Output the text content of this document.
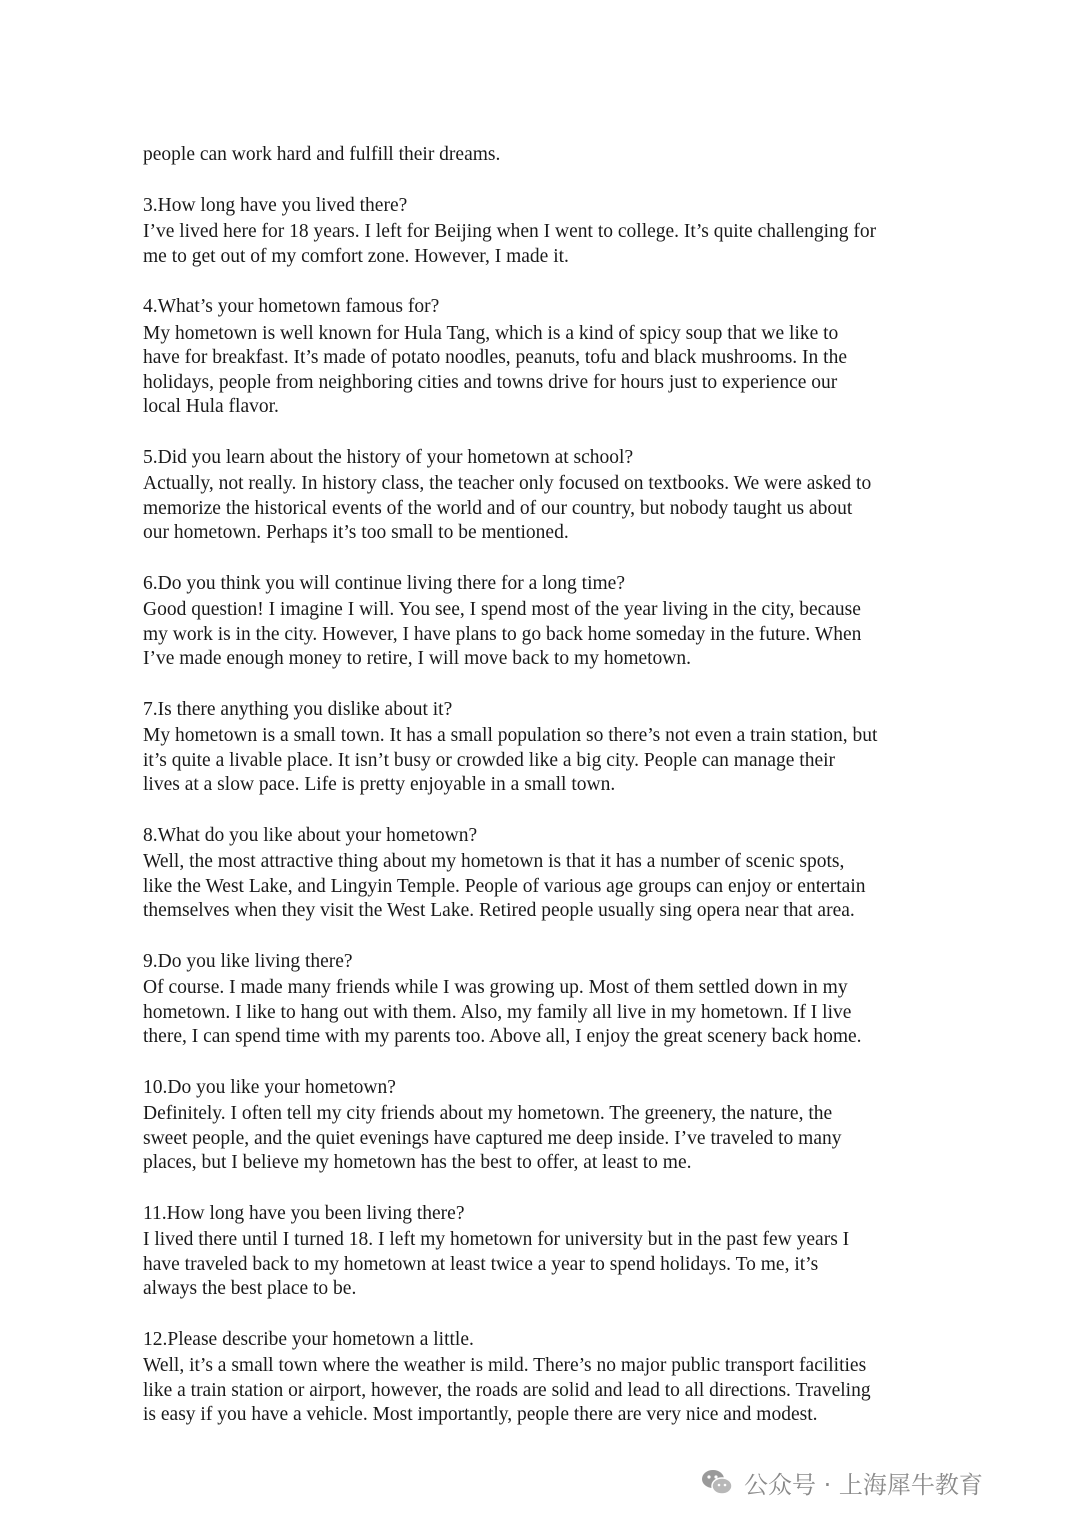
people can work hard and fulfill their dreams.
3.How long have you lived there?
I’ve lived here for 18 years. I left for Beijing when I went to college. It’s quite challenging for
me to get out of my comfort zone. However, I made it.
4.What’s your hometown famous for?
My hometown is well known for Hula Tang, which is a kind of spicy soup that we like to
have for breakfast. It’s made of potato noodles, peanuts, tofu and black mushrooms. In the
holidays, people from neighboring cities and towns drive for hours just to experience our
local Hula flavor.
5.Did you learn about the history of your hometown at school?
Actually, not really. In history class, the teacher only focused on textbooks. We were asked to
memorize the historical events of the world and of our country, but nobody taught us about
our hometown. Perhaps it’s too small to be mentioned.
6.Do you think you will continue living there for a long time?
Good question! I imagine I will. You see, I spend most of the year living in the city, because
my work is in the city. However, I have plans to go back home someday in the future. When
I’ve made enough money to retire, I will move back to my hometown.
7.Is there anything you dislike about it?
My hometown is a small town. It has a small population so there’s not even a train station, but
it’s quite a livable place. It isn’t busy or crowded like a big city. People can manage their
lives at a slow pace. Life is pretty enjoyable in a small town.
8.What do you like about your hometown?
Well, the most attractive thing about my hometown is that it has a number of scenic spots,
like the West Lake, and Lingyin Temple. People of various age groups can enjoy or entertain
themselves when they visit the West Lake. Retired people usually sing opera near that area.
9.Do you like living there?
Of course. I made many friends while I was growing up. Most of them settled down in my
hometown. I like to hang out with them. Also, my family all live in my hometown. If I live
there, I can spend time with my parents too. Above all, I enjoy the great scenery back home.
10.Do you like your hometown?
Definitely. I often tell my city friends about my hometown. The greenery, the nature, the
sweet people, and the quiet evenings have captured me deep inside. I’ve traveled to many
places, but I believe my hometown has the best to offer, at least to me.
11.How long have you been living there?
I lived there until I turned 18. I left my hometown for university but in the past few years I
have traveled back to my hometown at least twice a year to spend holidays. To me, it’s
always the best place to be.
12.Please describe your hometown a little.
Well, it’s a small town where the weather is mild. There’s no major public transport facilities
like a train station or airport, however, the roads are solid and lead to all directions. Traveling
is easy if you have a vehicle. Most importantly, people there are very nice and modest.
公众号 · 上海犀牛教育
